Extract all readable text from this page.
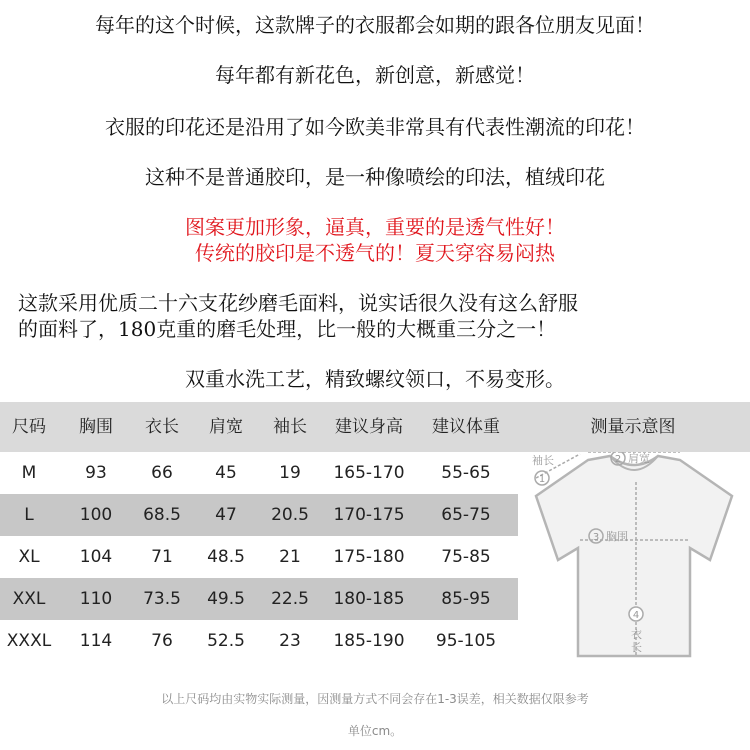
每年的这个时候，这款牌子的衣服都会如期的跟各位朋友见面！
每年都有新花色，新创意，新感觉！
衣服的印花还是沿用了如今欧美非常具有代表性潮流的印花！
这种不是普通胶印，是一种像喷绘的印法，植绒印花
图案更加形象，逼真，重要的是透气性好！
传统的胶印是不透气的！夏天穿容易闷热
这款采用优质二十六支花纱磨毛面料，说实话很久没有这么舒服
的面料了，180克重的磨毛处理，比一般的大概重三分之一！
双重水洗工艺，精致螺纹领口，不易变形。
尺码	胸围	衣长	肩宽	袖长	建议身高	建议体重	测量示意图
M	93	66	45	19	165-170	55-65
L	100	68.5	47	20.5	170-175	65-75
XL	104	71	48.5	21	175-180	75-85
XXL	110	73.5	49.5	22.5	180-185	85-95
XXXL	114	76	52.5	23	185-190	95-105
1
袖长	2 肩宽
3 胸围
4
衣长
以上尺码均由实物实际测量，因测量方式不同会存在1-3误差，相关数据仅限参考
单位cm。
